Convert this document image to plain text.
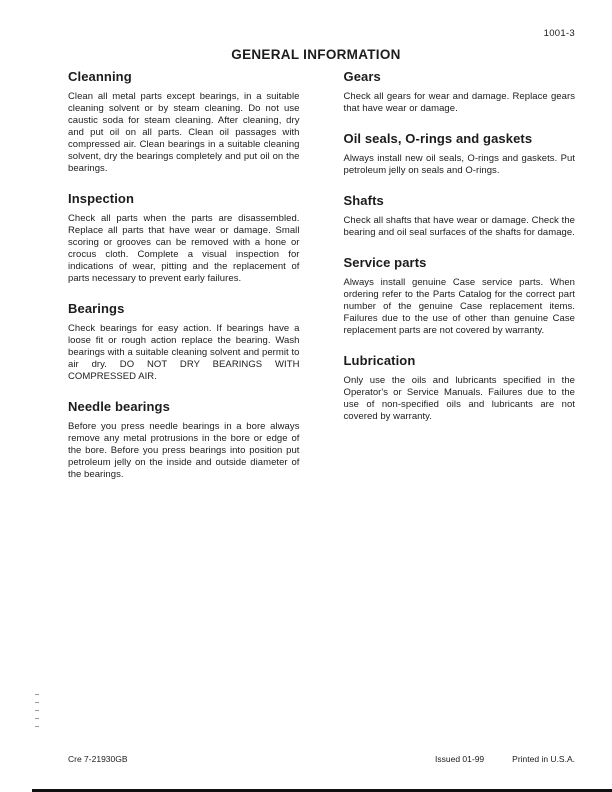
1001-3
GENERAL INFORMATION
Cleanning

Clean all metal parts except bearings, in a suitable cleaning solvent or by steam cleaning. Do not use caustic soda for steam cleaning. After cleaning, dry and put oil on all parts. Clean oil passages with compressed air. Clean bearings in a suitable cleaning solvent, dry the bearings completely and put oil on the bearings.

Inspection

Check all parts when the parts are disassembled. Replace all parts that have wear or damage. Small scoring or grooves can be removed with a hone or crocus cloth. Complete a visual inspection for indications of wear, pitting and the replacement of parts necessary to prevent early failures.

Bearings

Check bearings for easy action. If bearings have a loose fit or rough action replace the bearing. Wash bearings with a suitable cleaning solvent and permit to air dry. DO NOT DRY BEARINGS WITH COMPRESSED AIR.

Needle bearings

Before you press needle bearings in a bore always remove any metal protrusions in the bore or edge of the bore. Before you press bearings into position put petroleum jelly on the inside and outside diameter of the bearings.

Gears

Check all gears for wear and damage. Replace gears that have wear or damage.

Oil seals, O-rings and gaskets

Always install new oil seals, O-rings and gaskets. Put petroleum jelly on seals and O-rings.

Shafts

Check all shafts that have wear or damage. Check the bearing and oil seal surfaces of the shafts for damage.

Service parts

Always install genuine Case service parts. When ordering refer to the Parts Catalog for the correct part number of the genuine Case replacement items. Failures due to the use of other than genuine Case replacement parts are not covered by warranty.

Lubrication

Only use the oils and lubricants specified in the Operator's or Service Manuals. Failures due to the use of non-specified oils and lubricants are not covered by warranty.

Cre 7-21930GB	Issued 01-99	Printed in U.S.A.
